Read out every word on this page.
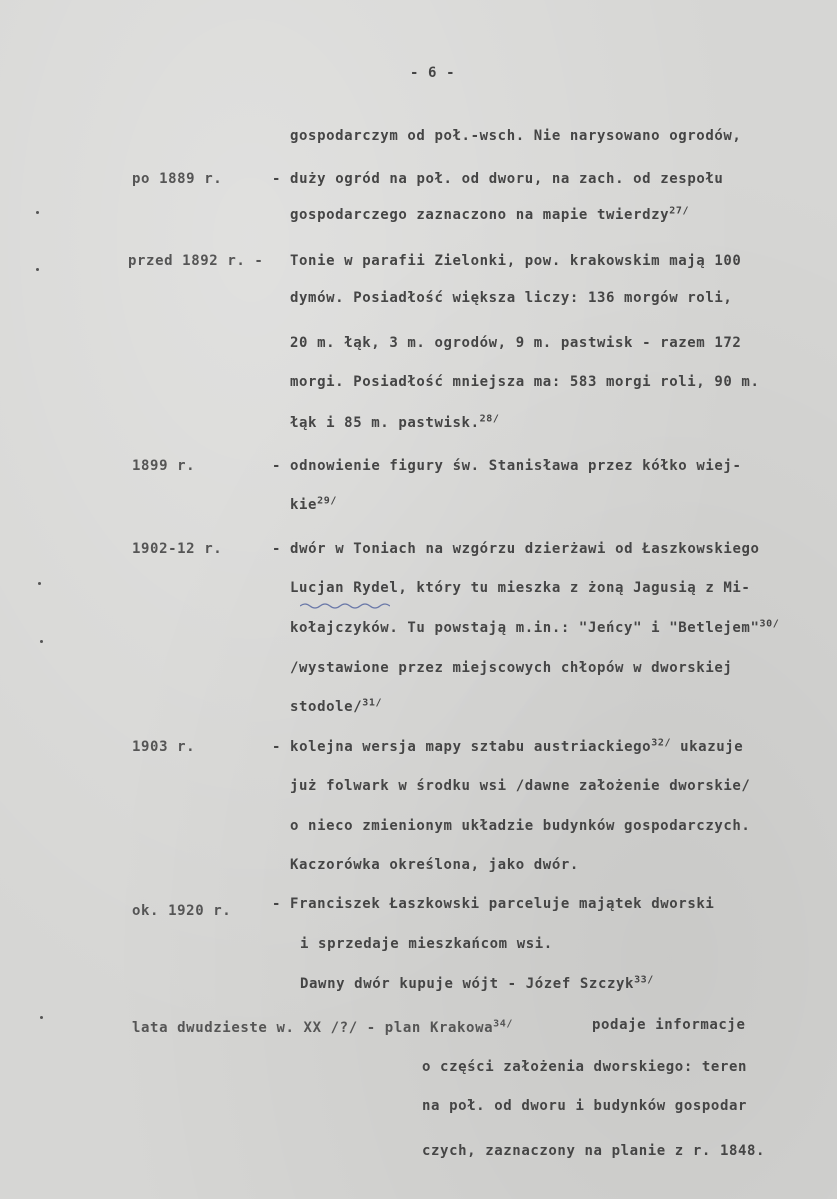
- 6 -
gospodarczym od poł.-wsch. Nie narysowano ogrodów,
po 1889 r.	- duży ogród na poł. od dworu, na zach. od zespołu
gospodarczego zaznaczono na mapie twierdzy$^{27/}$
przed 1892 r. - Tonie w parafii Zielonki, pow. krakowskim mają 100
dymów. Posiadłość większa liczy: 136 morgów roli,
20 m. łąk, 3 m. ogrodów, 9 m. pastwisk - razem 172
morgi. Posiadłość mniejsza ma: 583 morgi roli, 90 m.
łąk i 85 m. pastwisk.$^{28/}$
1899 r.	- odnowienie figury św. Stanisława przez kółko wiej-
kie$^{29/}$
1902-12 r.	- dwór w Toniach na wzgórzu dzierżawi od Łaszkowskiego
Lucjan Rydel, który tu mieszka z żoną Jagusią z Mi-
kołajczyków. Tu powstają m.in.: "Jeńcy" i "Betlejem"$^{30/}$
/wystawione przez miejscowych chłopów w dworskiej
stodole/$^{31/}$
1903 r.	- kolejna wersja mapy sztabu austriackiego$^{32/}$ ukazuje
już folwark w środku wsi /dawne założenie dworskie/
o nieco zmienionym układzie budynków gospodarczych.
Kaczorówka określona, jako dwór.
ok. 1920 r.	- Franciszek Łaszkowski parceluje majątek dworski
i sprzedaje mieszkańcom wsi.
Dawny dwór kupuje wójt - Józef Szczyk$^{33/}$
lata dwudzieste w. XX /?/ - plan Krakowa$^{34/}$	podaje informacje
o części założenia dworskiego: teren
na poł. od dworu i budynków gospodar
czych, zaznaczony na planie z r. 1848.
